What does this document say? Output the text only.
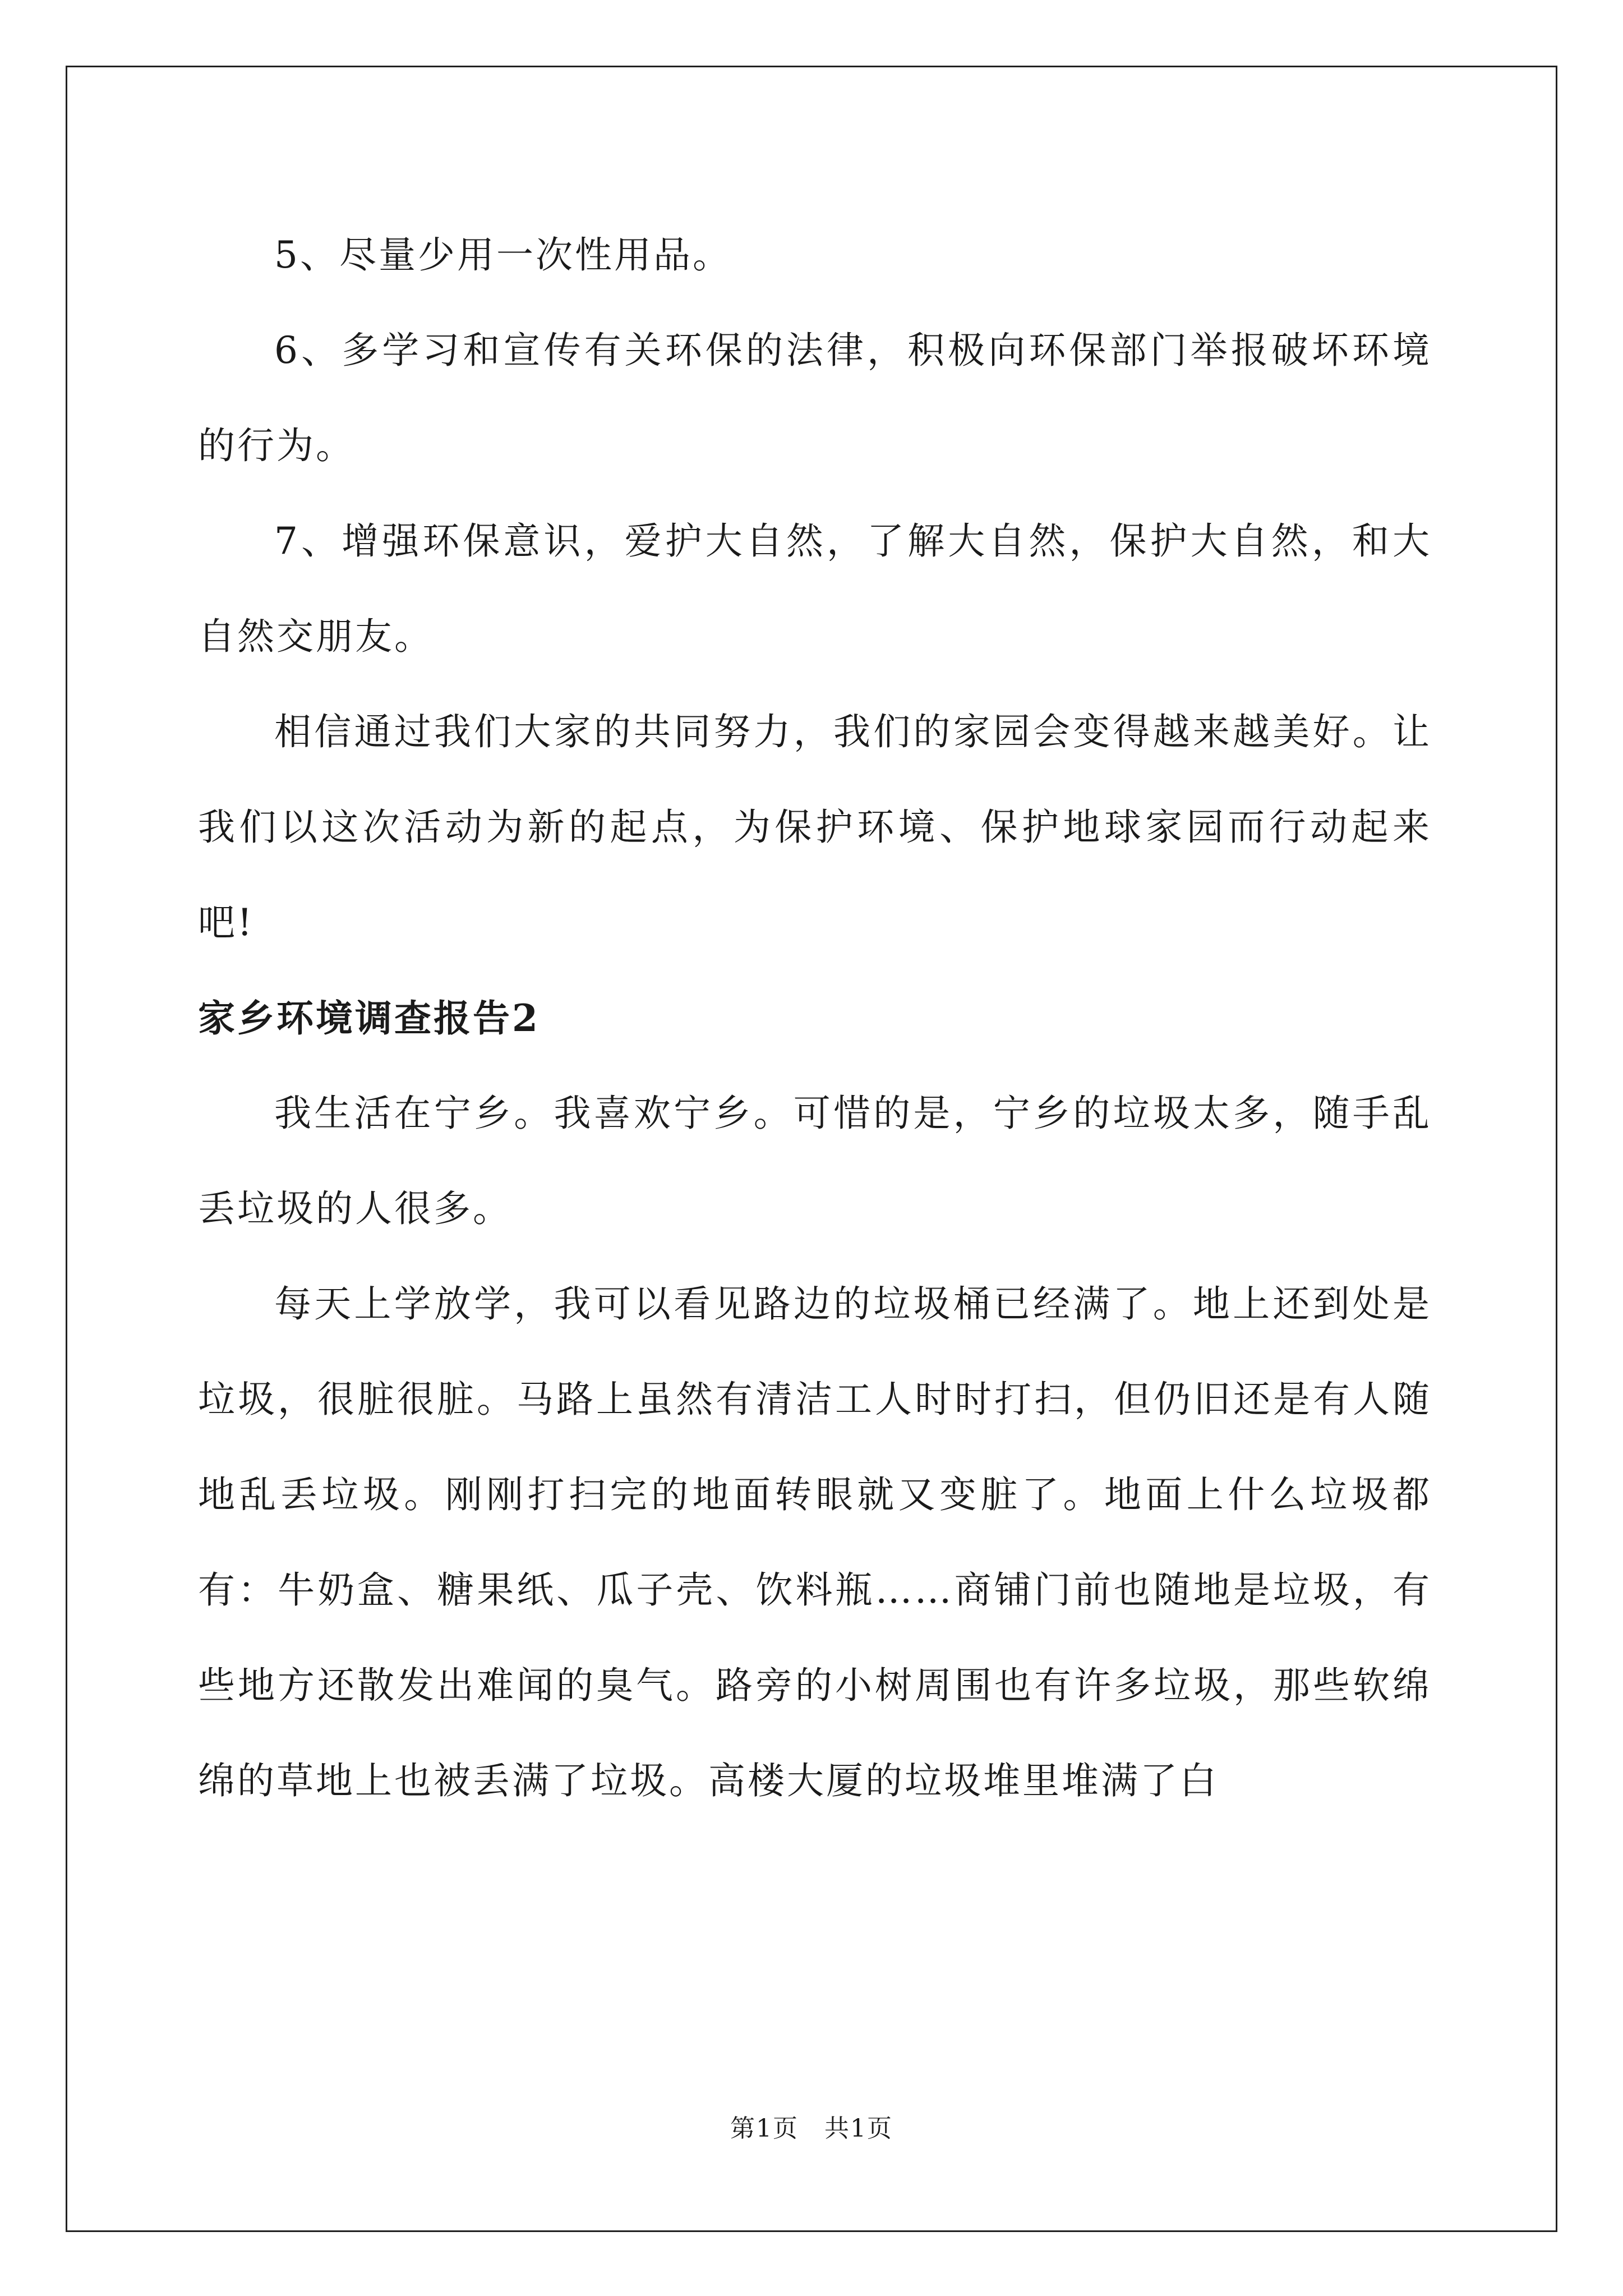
5、尽量少用一次性用品。

6、多学习和宣传有关环保的法律，积极向环保部门举报破坏环境的行为。

7、增强环保意识，爱护大自然，了解大自然，保护大自然，和大自然交朋友。

相信通过我们大家的共同努力，我们的家园会变得越来越美好。让我们以这次活动为新的起点，为保护环境、保护地球家园而行动起来吧!

家乡环境调查报告2

我生活在宁乡。我喜欢宁乡。可惜的是，宁乡的垃圾太多，随手乱丢垃圾的人很多。

每天上学放学，我可以看见路边的垃圾桶已经满了。地上还到处是垃圾，很脏很脏。马路上虽然有清洁工人时时打扫，但仍旧还是有人随地乱丢垃圾。刚刚打扫完的地面转眼就又变脏了。地面上什么垃圾都有：牛奶盒、糖果纸、瓜子壳、饮料瓶……商铺门前也随地是垃圾，有些地方还散发出难闻的臭气。路旁的小树周围也有许多垃圾，那些软绵绵的草地上也被丢满了垃圾。高楼大厦的垃圾堆里堆满了白

第1页　共1页
